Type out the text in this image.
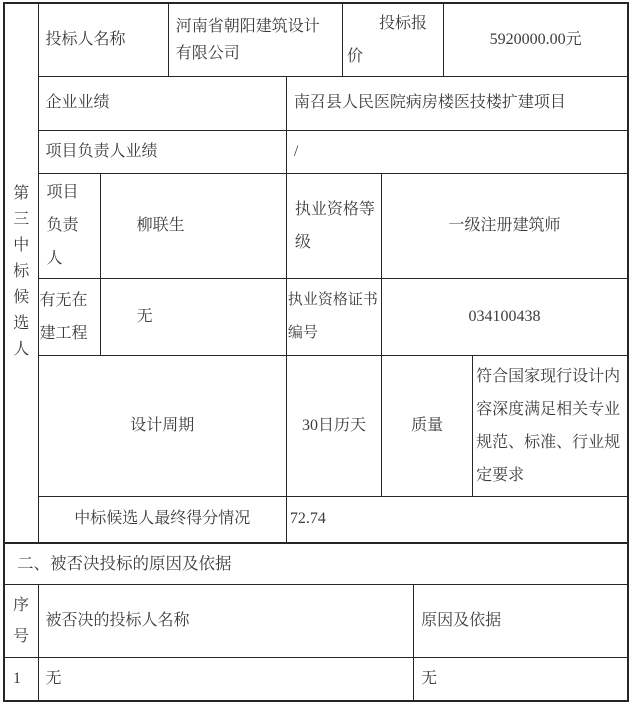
第三中标候选人	投标人名称		河南省朝阳建筑设计有限公司		投标报价			5920000.00元	
	企业业绩			南召县人民医院病房楼医技楼扩建项目					
	项目负责人业绩			/					
	项目负责人	柳联生		执业资格等级		一级注册建筑师			
	有无在建工程	无		执业资格证书编号		034100438			
	设计周期			30日历天		质量			符合国家现行设计内容深度满足相关专业规范、标准、行业规定要求
	中标候选人最终得分情况			72.74					
二、被否决投标的原因及依据									
序号	被否决的投标人名称						原因及依据		
1	无						无		
